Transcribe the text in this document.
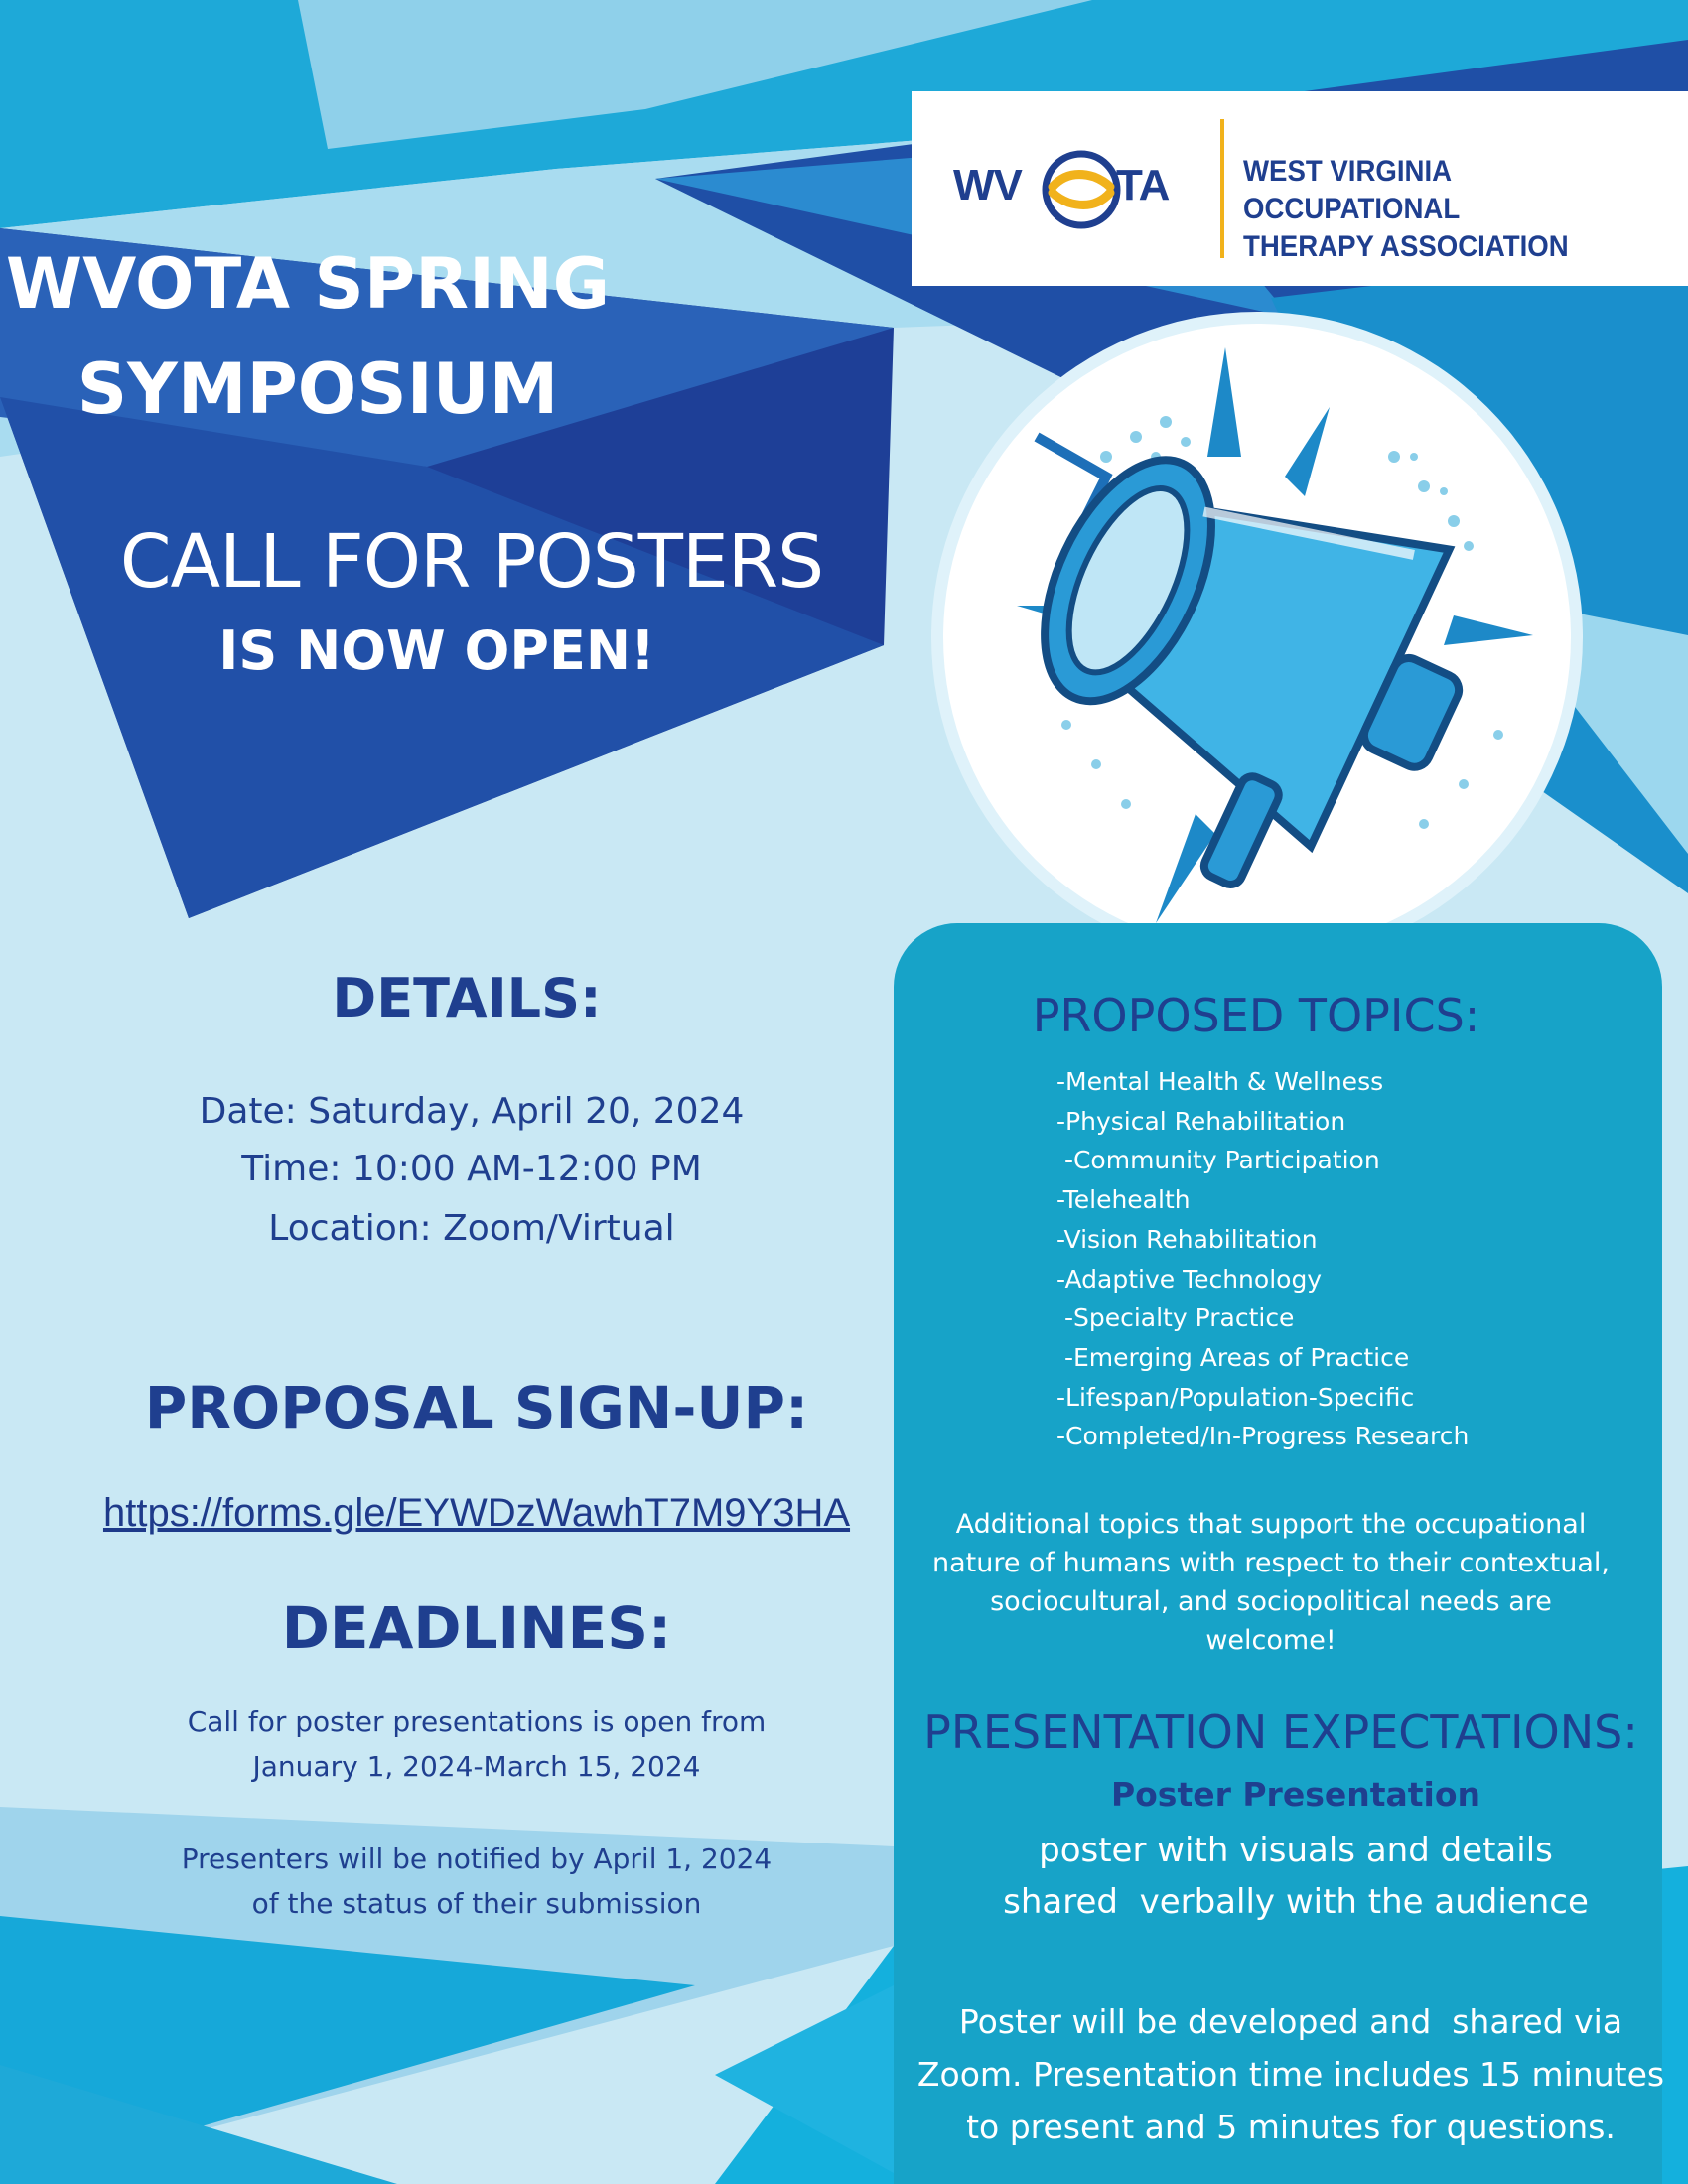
WV TA WEST VIRGINIA OCCUPATIONAL
THERAPY ASSOCIATION
WVOTA SPRING
SYMPOSIUM
CALL FOR POSTERS
IS NOW OPEN!
DETAILS:
Date: Saturday, April 20, 2024
Time: 10:00 AM-12:00 PM
Location: Zoom/Virtual
PROPOSAL SIGN-UP:
https://forms.gle/EYWDzWawhT7M9Y3HA
DEADLINES:
Call for poster presentations is open from
January 1, 2024-March 15, 2024
Presenters will be notified by April 1, 2024
of the status of their submission
PROPOSED TOPICS:
-Mental Health & Wellness
-Physical Rehabilitation
-Community Participation
-Telehealth
-Vision Rehabilitation
-Adaptive Technology
-Specialty Practice
-Emerging Areas of Practice
-Lifespan/Population-Specific
-Completed/In-Progress Research
Additional topics that support the occupational
nature of humans with respect to their contextual,
sociocultural, and sociopolitical needs are
welcome!
PRESENTATION EXPECTATIONS:
Poster Presentation
poster with visuals and details
shared  verbally with the audience
Poster will be developed and  shared via
Zoom. Presentation time includes 15 minutes
to present and 5 minutes for questions.
